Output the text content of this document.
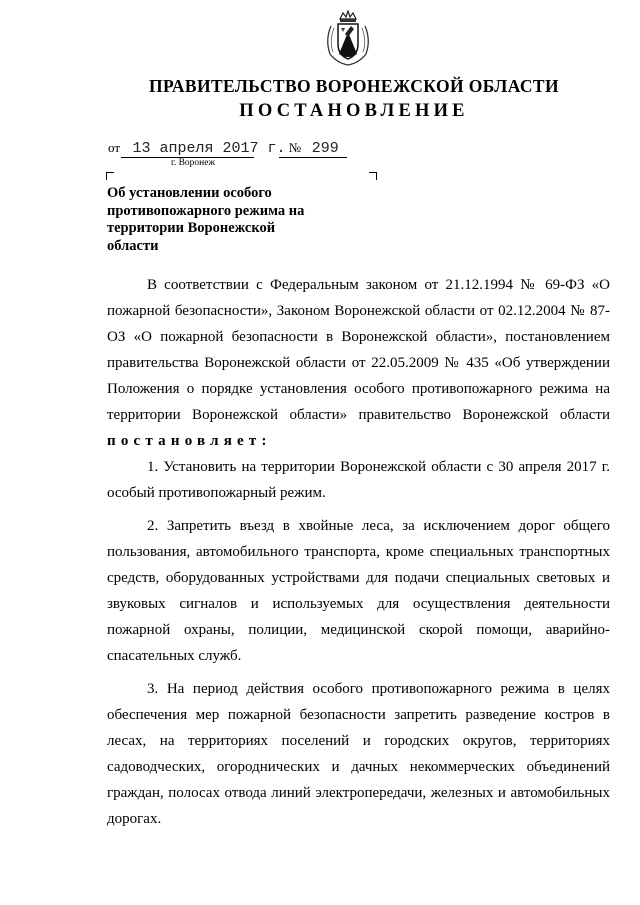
ПРАВИТЕЛЬСТВО ВОРОНЕЖСКОЙ ОБЛАСТИ
ПОСТАНОВЛЕНИЕ
от 13 апреля 2017 г. № 299
г. Воронеж
Об установлении особого
противопожарного режима на
территории Воронежской
области

В соответствии с Федеральным законом от 21.12.1994 № 69-ФЗ «О пожарной безопасности», Законом Воронежской области от 02.12.2004 № 87-ОЗ «О пожарной безопасности в Воронежской области», постановлением правительства Воронежской области от 22.05.2009 № 435 «Об утверждении Положения о порядке установления особого противопожарного режима на территории Воронежской области» правительство Воронежской области постановляет:

1. Установить на территории Воронежской области с 30 апреля 2017 г. особый противопожарный режим.

2. Запретить въезд в хвойные леса, за исключением дорог общего пользования, автомобильного транспорта, кроме специальных транспортных средств, оборудованных устройствами для подачи специальных световых и звуковых сигналов и используемых для осуществления деятельности пожарной охраны, полиции, медицинской скорой помощи, аварийно-спасательных служб.

3. На период действия особого противопожарного режима в целях обеспечения мер пожарной безопасности запретить разведение костров в лесах, на территориях поселений и городских округов, территориях садоводческих, огороднических и дачных некоммерческих объединений граждан, полосах отвода линий электропередачи, железных и автомобильных дорогах.
